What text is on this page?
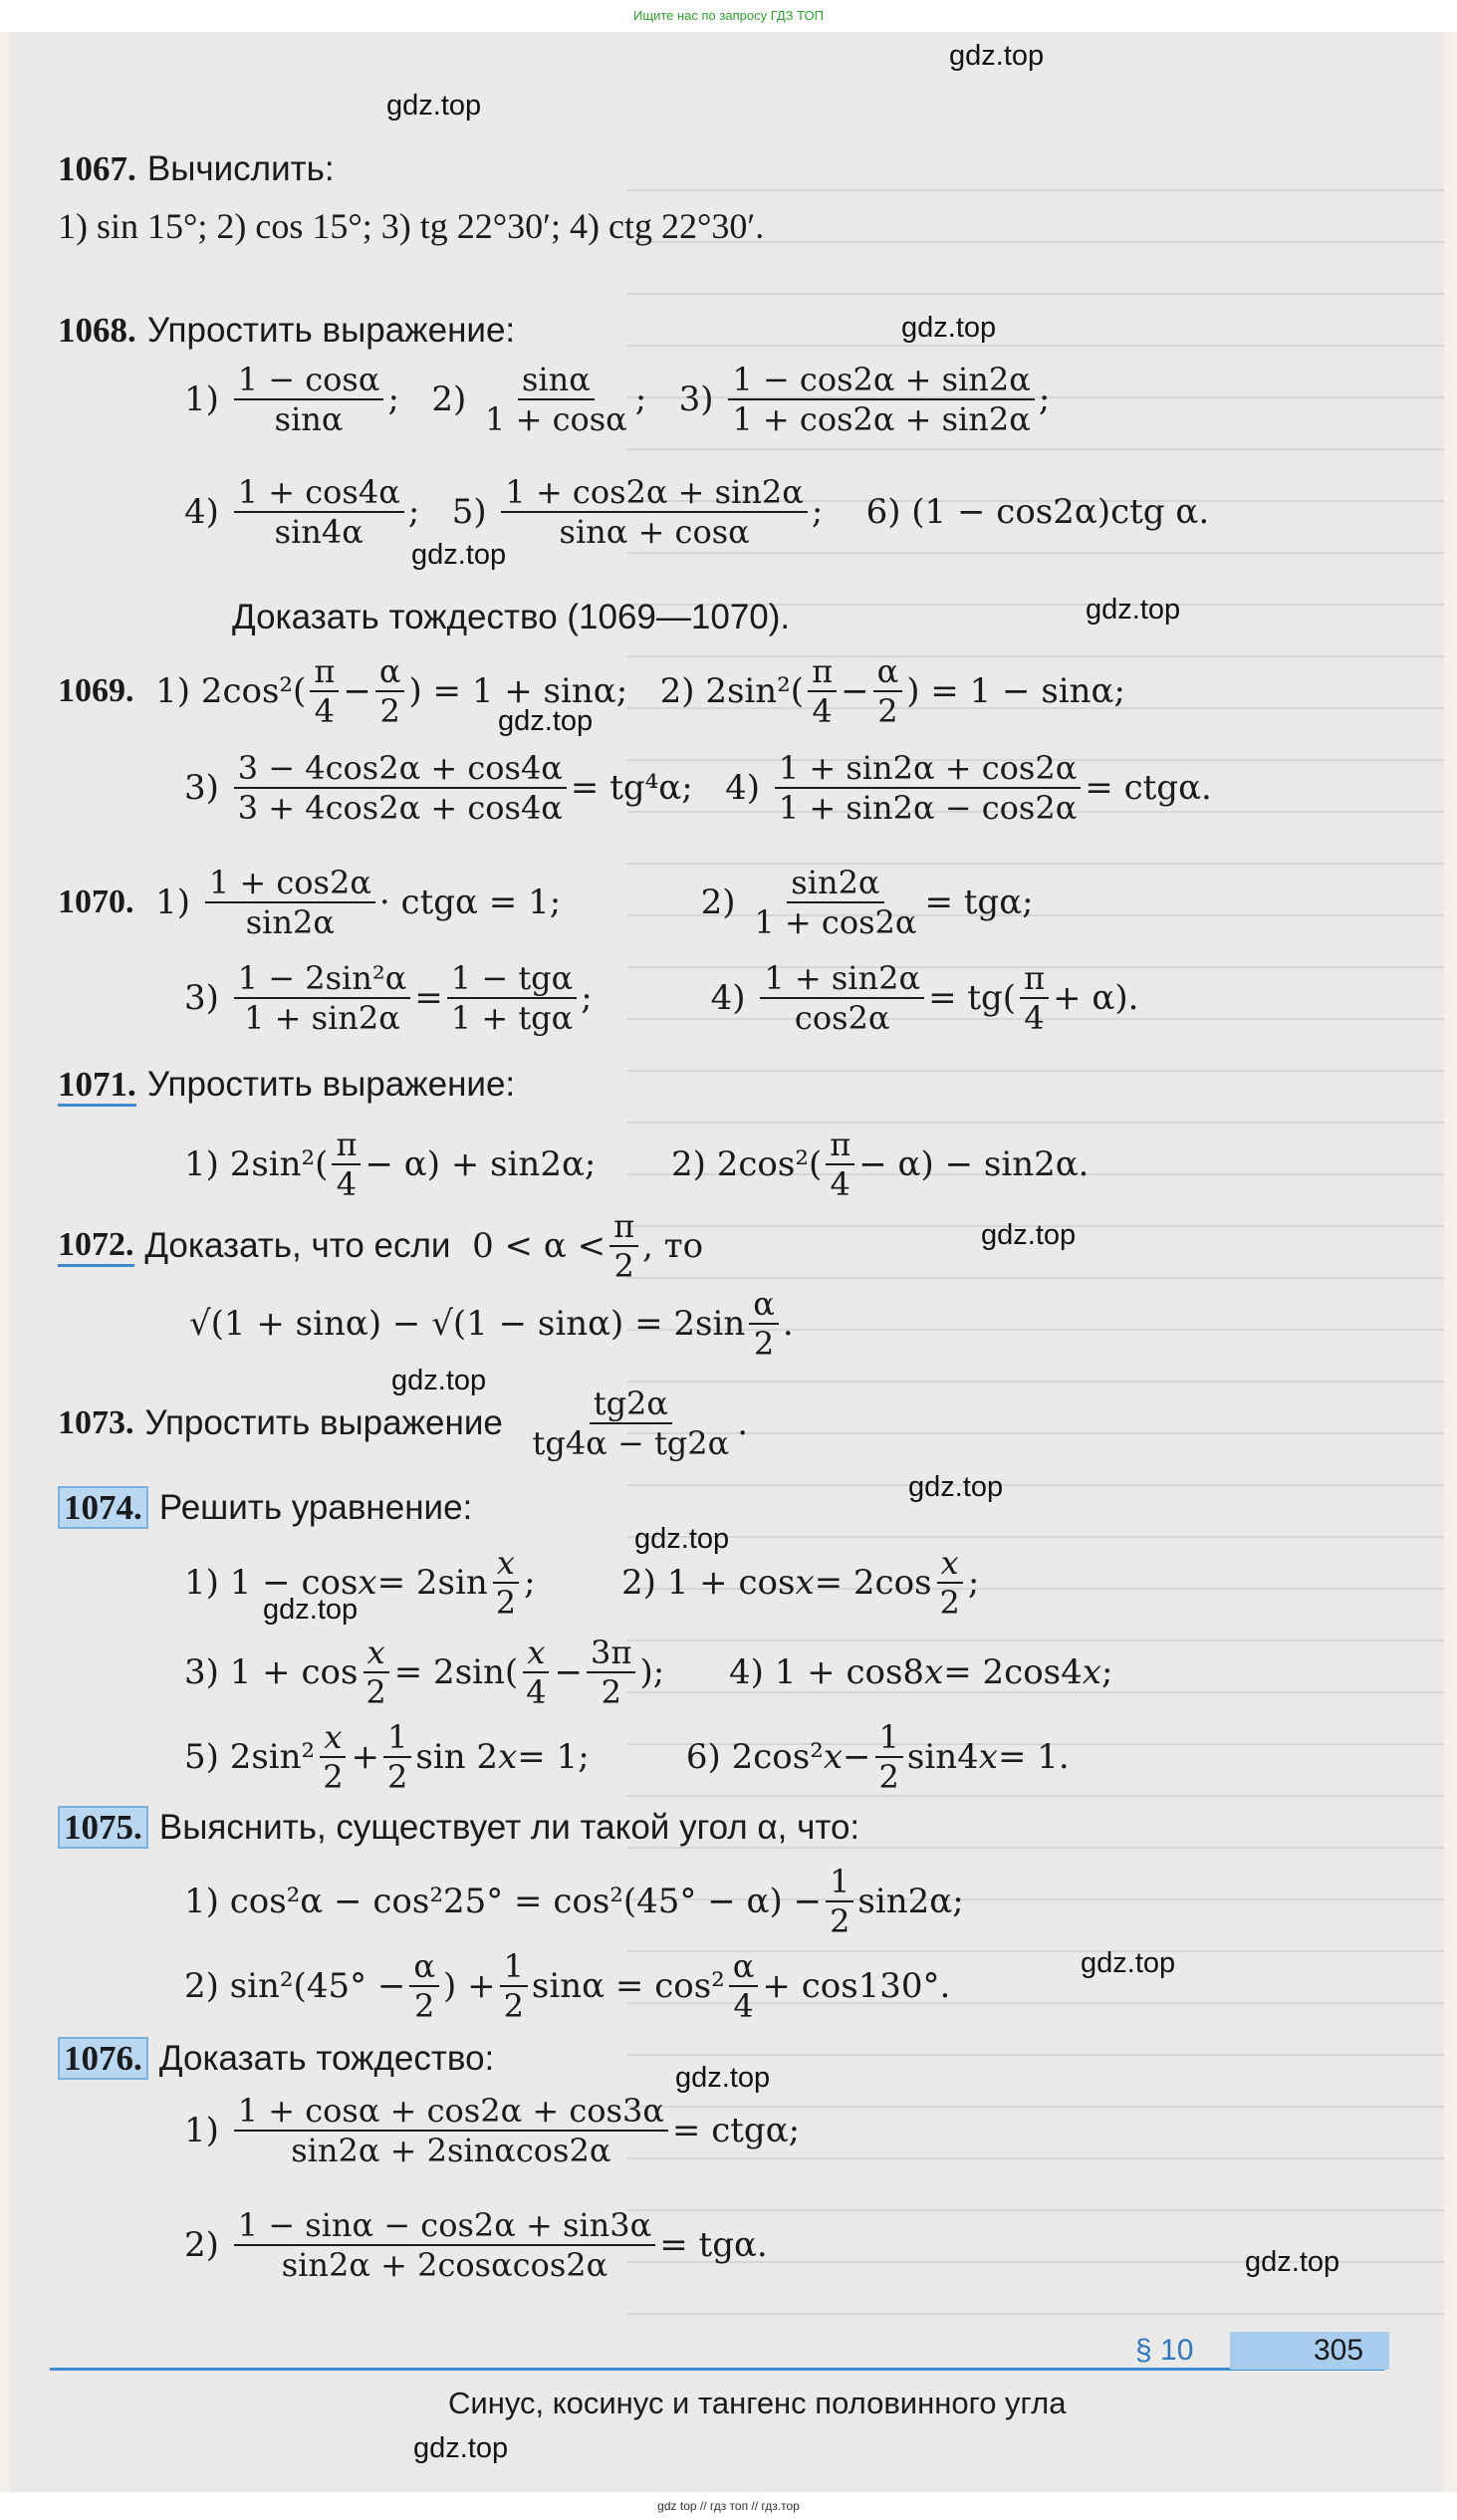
Ищите нас по запросу ГДЗ ТОП
gdz.top
gdz.top
gdz.top
gdz.top
gdz.top
gdz.top
gdz.top
gdz.top
gdz.top
gdz.top
gdz.top
gdz.top
gdz.top
gdz.top
gdz.top
1067. Вычислить:
1) sin 15°; 2) cos 15°; 3) tg 22°30′; 4) ctg 22°30′.
1068. Упростить выражение:
$1) \frac{1 - \cos\alpha}{\sin\alpha}$ ;   $2) \frac{\sin\alpha}{1 + \cos\alpha}$ ;   $3) \frac{1 - \cos 2\alpha + \sin 2\alpha}{1 + \cos 2\alpha + \sin 2\alpha}$ ;
$4) \frac{1 + \cos 4\alpha}{\sin 4\alpha}$ ;   $5) \frac{1 + \cos 2\alpha + \sin 2\alpha}{\sin\alpha + \cos\alpha}$ ;    6) (1 − cos2α)ctg α.
Доказать тождество (1069—1070).
1069. 1) $2\cos^2( \frac{\pi}{4} - \frac{\alpha}{2}$ ) = 1 + sinα;   2) $2\sin^2( \frac{\pi}{4} - \frac{\alpha}{2}$ ) = 1 − sinα;
$3) \frac{3 - 4\cos 2\alpha + \cos 4\alpha}{3 + 4\cos 2\alpha + \cos 4\alpha} = tg^4\alpha$;   $4) \frac{1 + \sin 2\alpha + \cos 2\alpha}{1 + \sin 2\alpha - \cos 2\alpha} = ctg\alpha$.
1070. $1) \frac{1 + \cos 2\alpha}{\sin 2\alpha} \cdot ctg\alpha = 1$;             $2) \frac{\sin 2\alpha}{1 + \cos 2\alpha} = tg\alpha$;
$3) \frac{\text{1 − 2sin²α}}{1 + \sin 2\alpha} = \frac{\text{1 − tgα}}{\text{1 + tgα}}$ ;           $4) \frac{1 + \sin 2\alpha}{\cos 2\alpha} = tg( \frac{\pi}{4} + \alpha)$.
1071. Упростить выражение:
1) $2\sin^2( \frac{\pi}{4} - \alpha) + \sin 2\alpha$;       2) $2\cos^2( \frac{\pi}{4} - \alpha) - \sin 2\alpha$.
1072.
Доказать, что если $0 < \alpha < \frac{\pi}{2}$ , то
$√(1 + \sin\alpha) - √(1 - \sin\alpha) = 2\sin \frac{\alpha}{2}$ .
1073.
Упростить выражение
$\frac{tg2\alpha}{tg4\alpha - tg2\alpha}$ .
1074. Решить уравнение:
1) $1 - \cos x = 2\sin \frac{x}{2}$ ;        2) $1 + \cos x = 2\cos \frac{x}{2}$ ;
3) $1 + \cos \frac{x}{2} = 2\sin( \frac{x}{4} - \frac{3\pi}{2}$ );      4) 1 + cos8 x = 2cos4 x ;
5) $2\sin^2 \frac{x}{2} + \frac{1}{2}$ sin 2 x = 1;         6) 2cos² $x - \frac{1}{2} \sin 4$ x = 1.
1075. Выяснить, существует ли такой угол α, что:
1) $\cos^2\alpha - \cos^225^\circ = \cos^2(45^\circ - \alpha) - \frac{1}{2} \sin 2\alpha$;
2) $\sin^2(45^\circ - \frac{\alpha}{2}$ ) + $\frac{1}{2}$ $\sin\alpha = \cos^2 \frac{\alpha}{4} + \cos 130^\circ$.
1076. Доказать тождество:
$1) \frac{1 + \cos\alpha + \cos 2\alpha + \cos 3\alpha}{\sin 2\alpha + 2\sin\alpha\cos 2\alpha} = ctg\alpha$;
$2) \frac{1 - \sin\alpha - \cos 2\alpha + \sin 3\alpha}{\sin 2\alpha + 2\cos\alpha\cos 2\alpha} = tg\alpha$.
§ 10	305
Синус, косинус и тангенс половинного угла
gdz top // гдз топ // гдз.тор
